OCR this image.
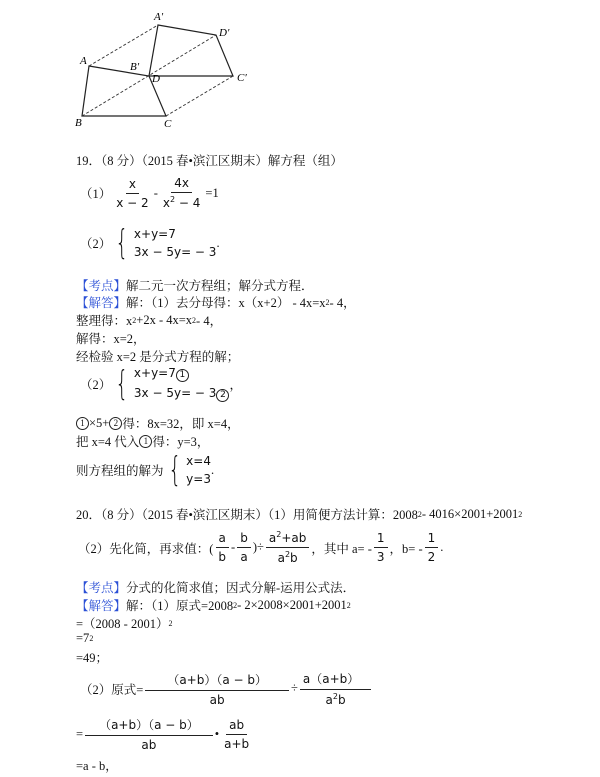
A
A′
D′
B′
D	C′
B	C
19．（8 分）（2015 春•滨江区期末）解方程（组）
$(1) \frac{x}{x - 2} - \frac{4x}{x^2 - 4} =1$
（2） { x+y=7
3x − 5y= − 3
.
【考点】 解二元一次方程组；解分式方程．
【解答】 解：（1）去分母得：x（x+2） - 4x=x 2 - 4，
整理得：x 2 +2x - 4x=x 2 - 4，
解得：x=2，
经检验 x=2 是分式方程的解；
（2） { x+y=7 1
3x − 5y= − 3 2
，
1 ×5+ 2 得：8x=32，即 x=4，
把 x=4 代入 1 得：y=3，
则方程组的解为 { x=4
y=3
.
20．（8 分）（2015 春•滨江区期末）（1）用简便方法计算：2008 2 - 4016×2001+2001 2
（2）先化简，再求值：( $\frac{a}{b} - \frac{b}{a}$ )÷ $\frac{a^2+ab}{a^2b}$ ，其中 $a= - \frac{1}{3}$ ，$b= - \frac{1}{2}$ .
【考点】 分式的化简求值；因式分解-运用公式法．
【解答】 解：（1）原式=2008 2 - 2×2008×2001+2001 2
=（2008 - 2001） 2
=7 2
=49；
（2）原式= $\frac{(a+b)(a - b)}{ab} \div \frac{a(a+b)}{a^2b}$
= $\frac{(a+b)(a - b)}{ab}$ • $\frac{ab}{a+b}$
=a - b，
